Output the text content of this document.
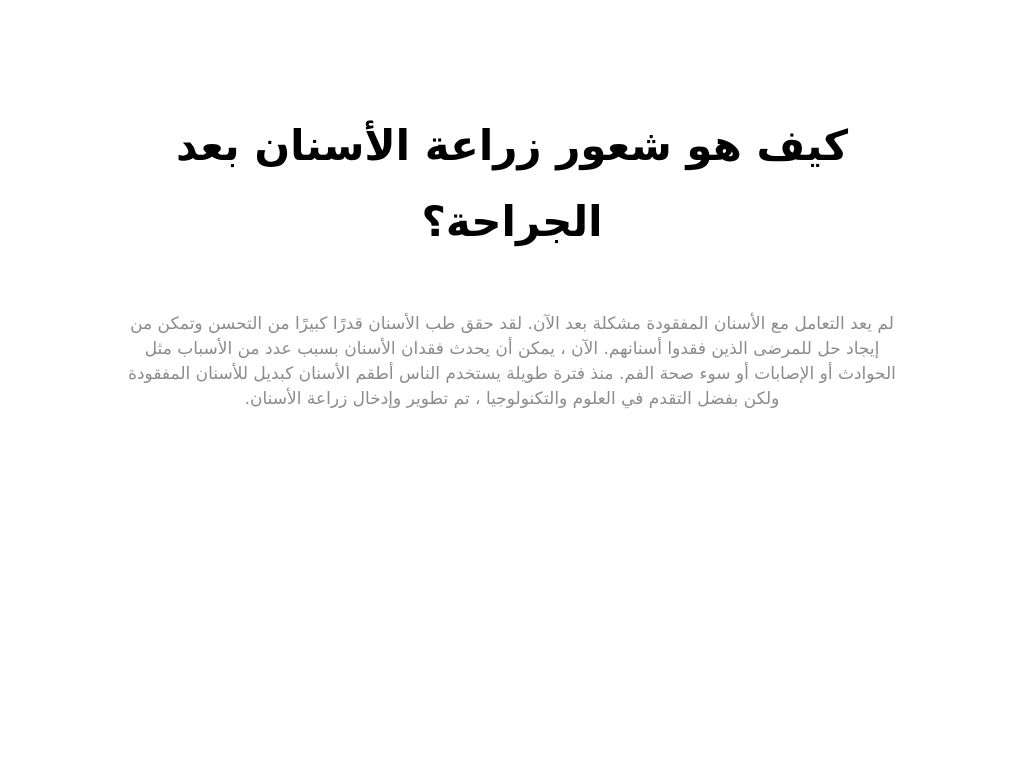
كيف هو شعور زراعة الأسنان بعد الجراحة؟

لم يعد التعامل مع الأسنان المفقودة مشكلة بعد الآن. لقد حقق طب الأسنان قدرًا كبيرًا من التحسن وتمكن من إيجاد حل للمرضى الذين فقدوا أسنانهم. الآن ، يمكن أن يحدث فقدان الأسنان بسبب عدد من الأسباب مثل الحوادث أو الإصابات أو سوء صحة الفم. منذ فترة طويلة يستخدم الناس أطقم الأسنان كبديل للأسنان المفقودة ولكن بفضل التقدم في العلوم والتكنولوجيا ، تم تطوير وإدخال زراعة الأسنان.
